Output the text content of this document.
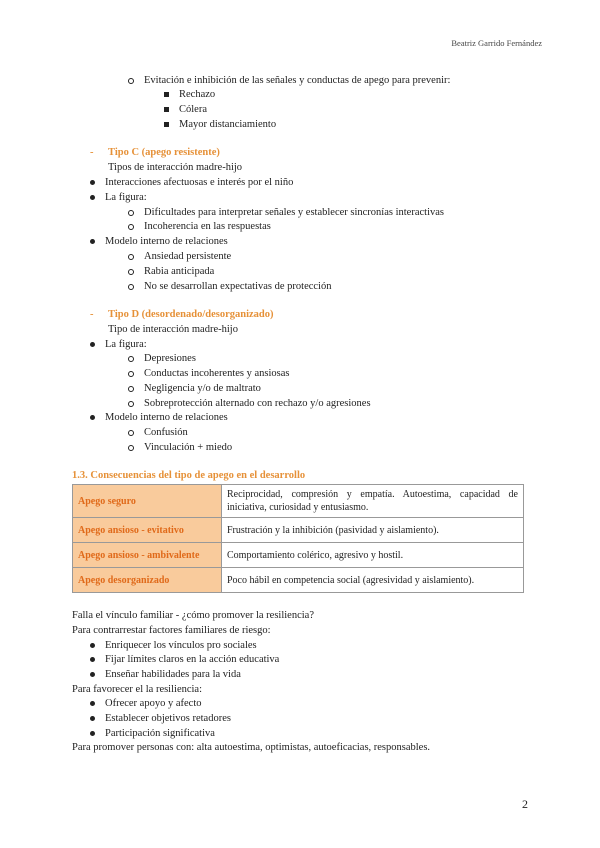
Beatriz Garrido Fernández
Evitación e inhibición de las señales y conductas de apego para prevenir:
Rechazo
Cólera
Mayor distanciamiento
- Tipo C (apego resistente)
Tipos de interacción madre-hijo
Interacciones afectuosas e interés por el niño
La figura:
Dificultades para interpretar señales y establecer sincronías interactivas
Incoherencia en las respuestas
Modelo interno de relaciones
Ansiedad persistente
Rabia anticipada
No se desarrollan expectativas de protección
- Tipo D (desordenado/desorganizado)
Tipo de interacción madre-hijo
La figura:
Depresiones
Conductas incoherentes y ansiosas
Negligencia y/o de maltrato
Sobreprotección alternado con rechazo y/o agresiones
Modelo interno de relaciones
Confusión
Vinculación + miedo
1.3. Consecuencias del tipo de apego en el desarrollo
Apego seguro	Reciprocidad, compresión y empatía. Autoestima, capacidad de iniciativa, curiosidad y entusiasmo.
Apego ansioso - evitativo	Frustración y la inhibición (pasividad y aislamiento).
Apego ansioso - ambivalente	Comportamiento colérico, agresivo y hostil.
Apego desorganizado	Poco hábil en competencia social (agresividad y aislamiento).
Falla el vínculo familiar - ¿cómo promover la resiliencia?
Para contrarrestar factores familiares de riesgo:
Enriquecer los vínculos pro sociales
Fijar límites claros en la acción educativa
Enseñar habilidades para la vida
Para favorecer el la resiliencia:
Ofrecer apoyo y afecto
Establecer objetivos retadores
Participación significativa
Para promover personas con: alta autoestima, optimistas, autoeficacias, responsables.
2
